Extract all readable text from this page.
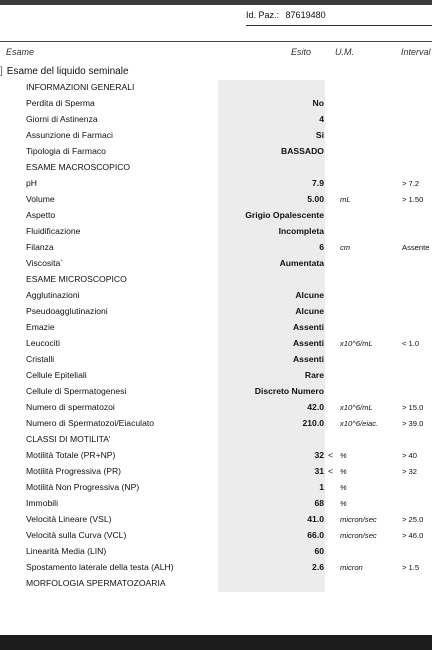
Id. Paz.: 87619480
Esame	Esito	U.M.	Interval
] Esame del liquido seminale
INFORMAZIONI GENERALI
Perdita di Sperma	No
Giorni di Astinenza	4
Assunzione di Farmaci	Si
Tipologia di Farmaco	BASSADO
ESAME MACROSCOPICO
pH	7.9	> 7.2
Volume	5.00 mL	> 1.50
Aspetto	Grigio Opalescente
Fluidificazione	Incompleta
Filanza	6 cm	Assente
Viscosita`	Aumentata
ESAME MICROSCOPICO
Agglutinazioni	Alcune
Pseudoagglutinazioni	Alcune
Emazie	Assenti
Leucociti	Assenti x10^6/mL	< 1.0
Cristalli	Assenti
Cellule Epiteliali	Rare
Cellule di Spermatogenesi	Discreto Numero
Numero di spermatozoi	42.0 x10^6/mL	> 15.0
Numero di Spermatozoi/Eiaculato	210.0 x10^6/eiac.	> 39.0
CLASSI DI MOTILITA'
Motilità Totale (PR+NP)	32 < %	> 40
Motilità Progressiva (PR)	31 < %	> 32
Motilità Non Progressiva (NP)	1 %
Immobili	68 %
Velocità Lineare (VSL)	41.0 micron/sec	> 25.0
Velocità sulla Curva (VCL)	66.0 micron/sec	> 46.0
Linearità Media (LIN)	60
Spostamento laterale della testa (ALH)	2.6 micron	> 1.5
MORFOLOGIA SPERMATOZOARIA
